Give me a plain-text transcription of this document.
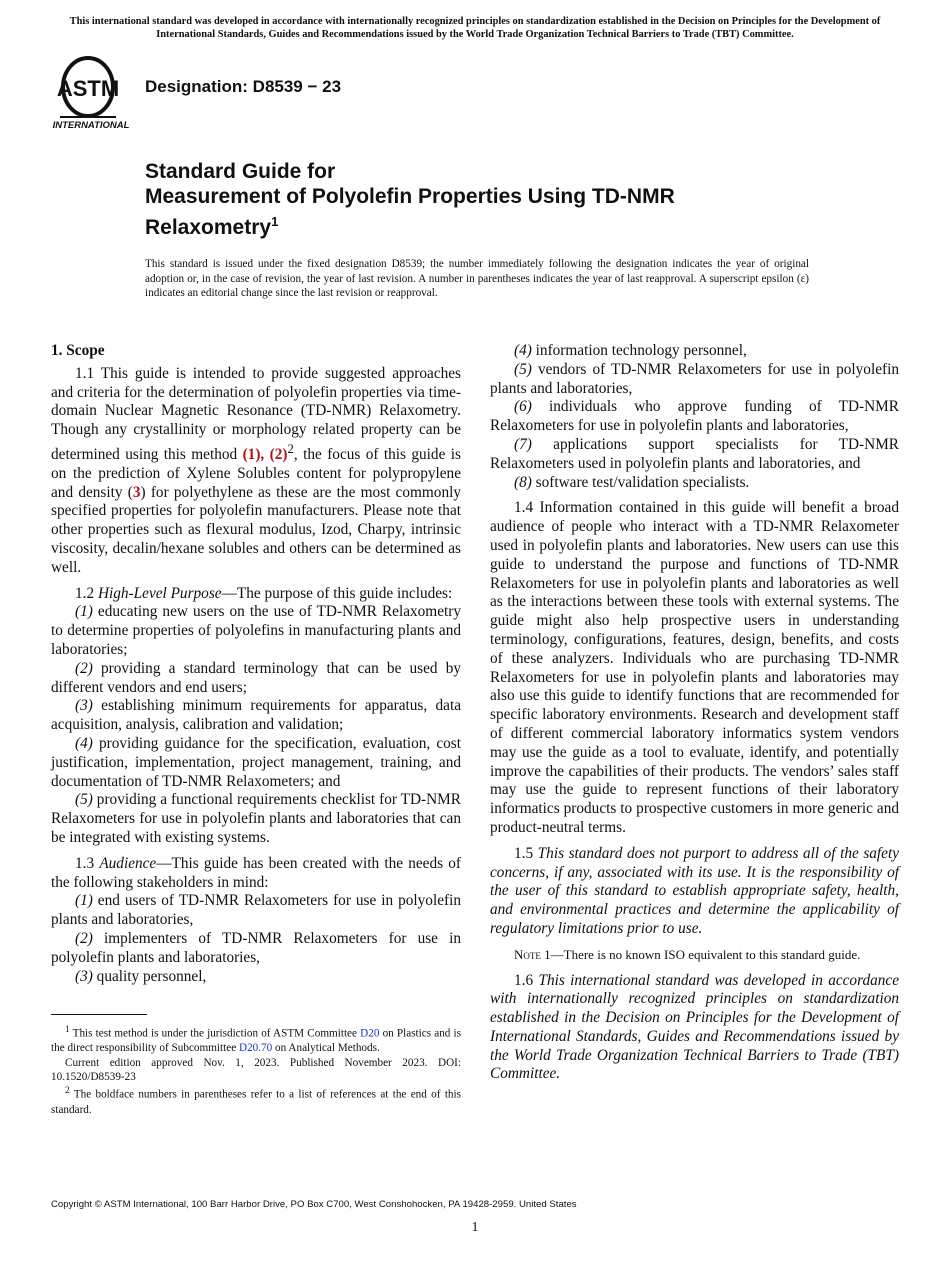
This international standard was developed in accordance with internationally recognized principles on standardization established in the Decision on Principles for the Development of International Standards, Guides and Recommendations issued by the World Trade Organization Technical Barriers to Trade (TBT) Committee.
ASTM
INTERNATIONAL
Designation: D8539 − 23
Standard Guide for
Measurement of Polyolefin Properties Using TD-NMR
Relaxometry$^1$
This standard is issued under the fixed designation D8539; the number immediately following the designation indicates the year of original adoption or, in the case of revision, the year of last revision. A number in parentheses indicates the year of last reapproval. A superscript epsilon (ε) indicates an editorial change since the last revision or reapproval.
1. Scope

1.1 This guide is intended to provide suggested approaches and criteria for the determination of polyolefin properties via time-domain Nuclear Magnetic Resonance (TD-NMR) Relaxometry. Though any crystallinity or morphology related property can be determined using this method (1), $(2)^2$, the focus of this guide is on the prediction of Xylene Solubles content for polypropylene and density (3) for polyethylene as these are the most commonly specified properties for polyolefin manufacturers. Please note that other properties such as flexural modulus, Izod, Charpy, intrinsic viscosity, decalin/hexane solubles and others can be determined as well.

1.2 High-Level Purpose—The purpose of this guide includes:

(1) educating new users on the use of TD-NMR Relaxometry to determine properties of polyolefins in manufacturing plants and laboratories;

(2) providing a standard terminology that can be used by different vendors and end users;

(3) establishing minimum requirements for apparatus, data acquisition, analysis, calibration and validation;

(4) providing guidance for the specification, evaluation, cost justification, implementation, project management, training, and documentation of TD-NMR Relaxometers; and

(5) providing a functional requirements checklist for TD-NMR Relaxometers for use in polyolefin plants and laboratories that can be integrated with existing systems.

1.3 Audience—This guide has been created with the needs of the following stakeholders in mind:

(1) end users of TD-NMR Relaxometers for use in polyolefin plants and laboratories,

(2) implementers of TD-NMR Relaxometers for use in polyolefin plants and laboratories,

(3) quality personnel,

(4) information technology personnel,

(5) vendors of TD-NMR Relaxometers for use in polyolefin plants and laboratories,

(6) individuals who approve funding of TD-NMR Relaxometers for use in polyolefin plants and laboratories,

(7) applications support specialists for TD-NMR Relaxometers used in polyolefin plants and laboratories, and

(8) software test/validation specialists.

1.4 Information contained in this guide will benefit a broad audience of people who interact with a TD-NMR Relaxometer used in polyolefin plants and laboratories. New users can use this guide to understand the purpose and functions of TD-NMR Relaxometers for use in polyolefin plants and laboratories as well as the interactions between these tools with external systems. The guide might also help prospective users in understanding terminology, configurations, features, design, benefits, and costs of these analyzers. Individuals who are purchasing TD-NMR Relaxometers for use in polyolefin plants and laboratories may also use this guide to identify functions that are recommended for specific laboratory environments. Research and development staff of different commercial laboratory informatics system vendors may use the guide as a tool to evaluate, identify, and potentially improve the capabilities of their products. The vendors’ sales staff may use the guide to represent functions of their laboratory informatics products to prospective customers in more generic and product-neutral terms.

1.5 This standard does not purport to address all of the safety concerns, if any, associated with its use. It is the responsibility of the user of this standard to establish appropriate safety, health, and environmental practices and determine the applicability of regulatory limitations prior to use.

Note 1—There is no known ISO equivalent to this standard guide.

1.6 This international standard was developed in accordance with internationally recognized principles on standardization established in the Decision on Principles for the Development of International Standards, Guides and Recommendations issued by the World Trade Organization Technical Barriers to Trade (TBT) Committee.

$^1$ This test method is under the jurisdiction of ASTM Committee D20 on Plastics and is the direct responsibility of Subcommittee D20.70 on Analytical Methods.

Current edition approved Nov. 1, 2023. Published November 2023. DOI: 10.1520/D8539-23

$^2$ The boldface numbers in parentheses refer to a list of references at the end of this standard.

Copyright © ASTM International, 100 Barr Harbor Drive, PO Box C700, West Conshohocken, PA 19428-2959. United States
1
